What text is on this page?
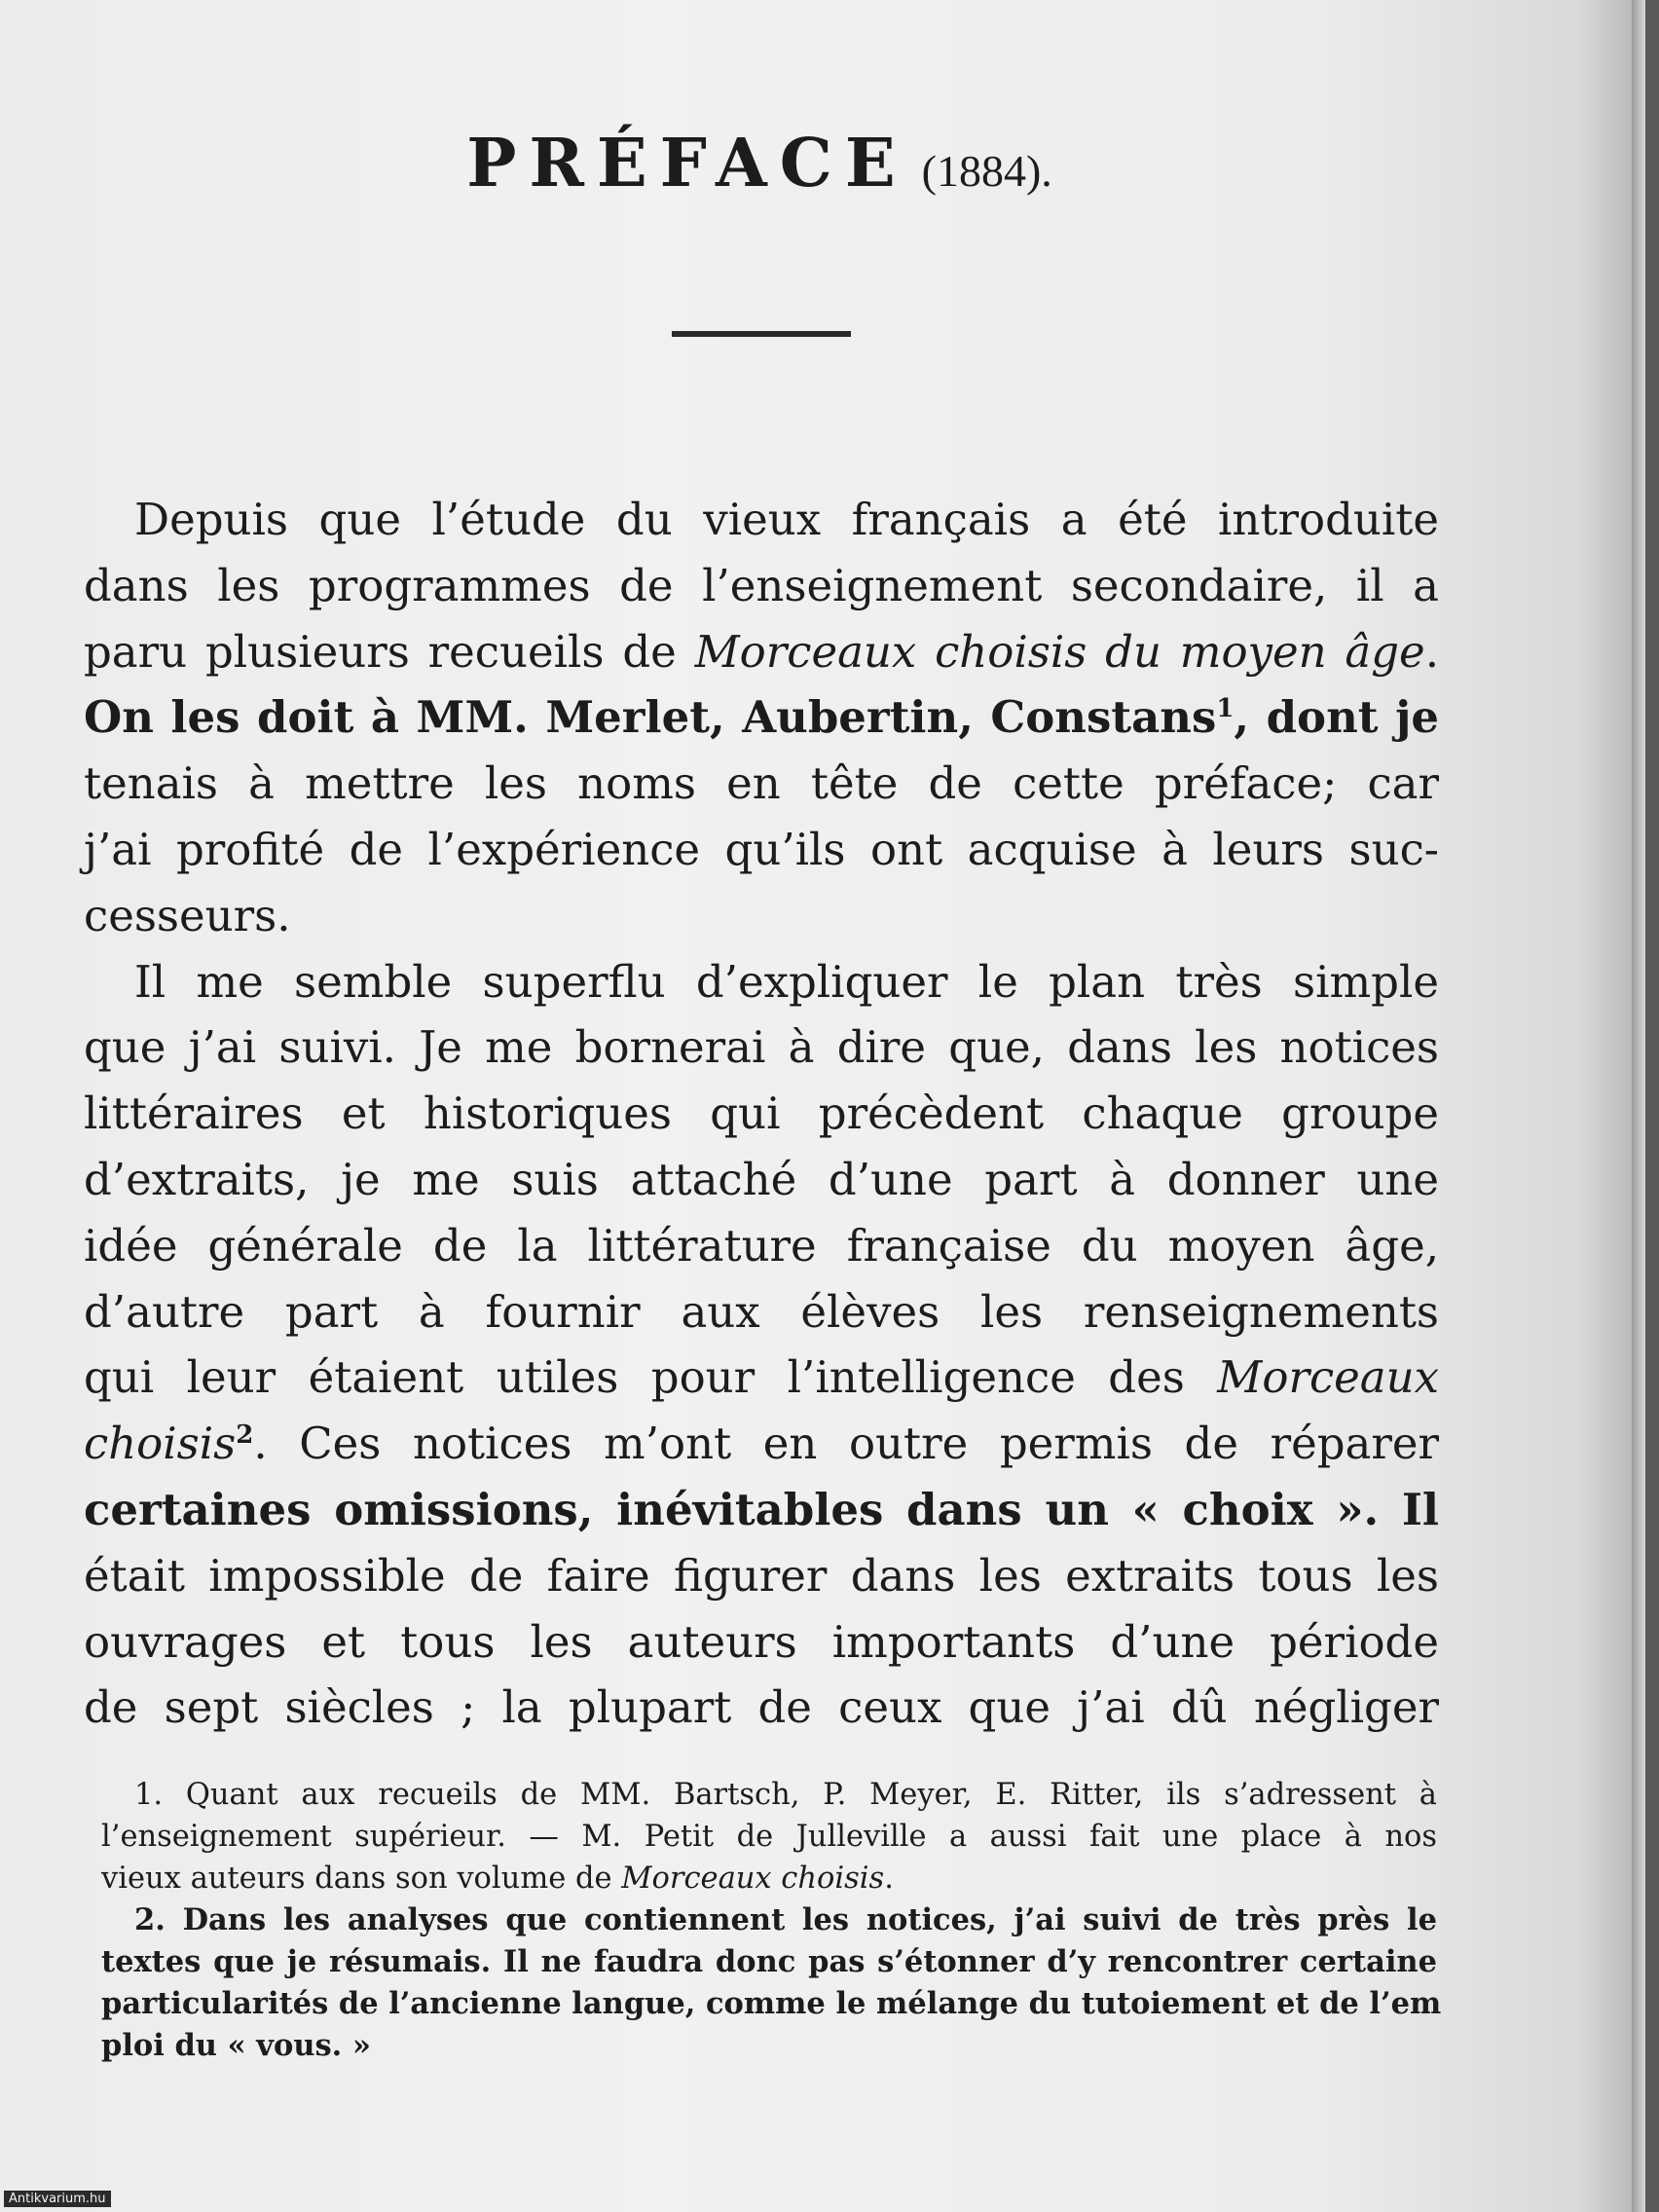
PRÉFACE (1884).
Depuis que l’étude du vieux français a été introduite
dans les programmes de l’enseignement secondaire, il a
paru plusieurs recueils de Morceaux choisis du moyen âge.
On les doit à MM. Merlet, Aubertin, Constans$^1$, dont je
tenais à mettre les noms en tête de cette préface; car
j’ai profité de l’expérience qu’ils ont acquise à leurs suc-
cesseurs.
Il me semble superflu d’expliquer le plan très simple
que j’ai suivi. Je me bornerai à dire que, dans les notices
littéraires et historiques qui précèdent chaque groupe
d’extraits, je me suis attaché d’une part à donner une
idée générale de la littérature française du moyen âge,
d’autre part à fournir aux élèves les renseignements
qui leur étaient utiles pour l’intelligence des Morceaux
choisis$^2$. Ces notices m’ont en outre permis de réparer
certaines omissions, inévitables dans un « choix ». Il
était impossible de faire figurer dans les extraits tous les
ouvrages et tous les auteurs importants d’une période
de sept siècles ; la plupart de ceux que j’ai dû négliger
1. Quant aux recueils de MM. Bartsch, P. Meyer, E. Ritter, ils s’adressent à
l’enseignement supérieur. — M. Petit de Julleville a aussi fait une place à nos
vieux auteurs dans son volume de Morceaux choisis.
2. Dans les analyses que contiennent les notices, j’ai suivi de très près le
textes que je résumais. Il ne faudra donc pas s’étonner d’y rencontrer certaine
particularités de l’ancienne langue, comme le mélange du tutoiement et de l’em
ploi du « vous. »
Antikvarium.hu
